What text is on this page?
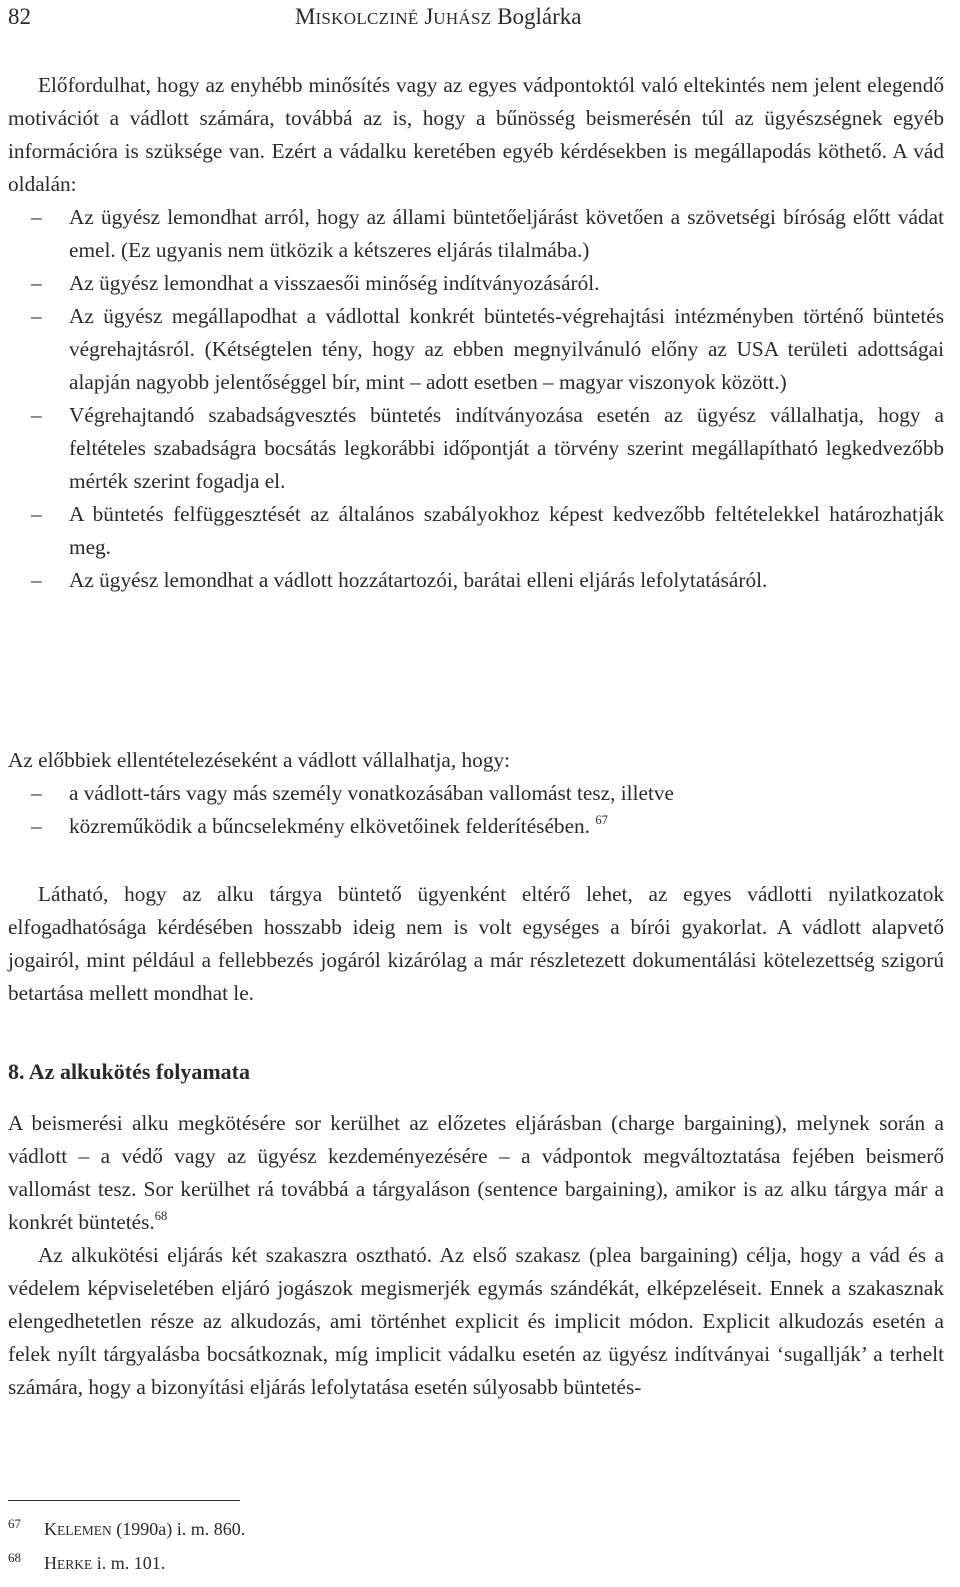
82	MISKOLCZINÉ JUHÁSZ Boglárka

Előfordulhat, hogy az enyhébb minősítés vagy az egyes vádpontoktól való eltekintés nem jelent elegendő motivációt a vádlott számára, továbbá az is, hogy a bűnösség beismerésén túl az ügyészségnek egyéb információra is szüksége van. Ezért a vádalku keretében egyéb kérdésekben is megállapodás köthető. A vád oldalán:

– Az ügyész lemondhat arról, hogy az állami büntetőeljárást követően a szövetségi bíróság előtt vádat emel. (Ez ugyanis nem ütközik a kétszeres eljárás tilalmába.)
– Az ügyész lemondhat a visszaesői minőség indítványozásáról.
– Az ügyész megállapodhat a vádlottal konkrét büntetés-végrehajtási intézményben történő büntetés végrehajtásról. (Kétségtelen tény, hogy az ebben megnyilvánuló előny az USA területi adottságai alapján nagyobb jelentőséggel bír, mint – adott esetben – magyar viszonyok között.)
– Végrehajtandó szabadságvesztés büntetés indítványozása esetén az ügyész vállalhatja, hogy a feltételes szabadságra bocsátás legkorábbi időpontját a törvény szerint megállapítható legkedvezőbb mérték szerint fogadja el.
– A büntetés felfüggesztését az általános szabályokhoz képest kedvezőbb feltételekkel határozhatják meg.
– Az ügyész lemondhat a vádlott hozzátartozói, barátai elleni eljárás lefolytatásáról.

Az előbbiek ellentételezéseként a vádlott vállalhatja, hogy:

– a vádlott-társ vagy más személy vonatkozásában vallomást tesz, illetve
– közreműködik a bűncselekmény elkövetőinek felderítésében. $^{67}$

Látható, hogy az alku tárgya büntető ügyenként eltérő lehet, az egyes vádlotti nyilatkozatok elfogadhatósága kérdésében hosszabb ideig nem is volt egységes a bírói gyakorlat. A vádlott alapvető jogairól, mint például a fellebbezés jogáról kizárólag a már részletezett dokumentálási kötelezettség szigorú betartása mellett mondhat le.

8. Az alkukötés folyamata

A beismerési alku megkötésére sor kerülhet az előzetes eljárásban (charge bargaining), melynek során a vádlott – a védő vagy az ügyész kezdeményezésére – a vádpontok megváltoztatása fejében beismerő vallomást tesz. Sor kerülhet rá továbbá a tárgyaláson (sentence bargaining), amikor is az alku tárgya már a konkrét büntetés.$^{68}$

Az alkukötési eljárás két szakaszra osztható. Az első szakasz (plea bargaining) célja, hogy a vád és a védelem képviseletében eljáró jogászok megismerjék egymás szándékát, elképzeléseit. Ennek a szakasznak elengedhetetlen része az alkudozás, ami történhet explicit és implicit módon. Explicit alkudozás esetén a felek nyílt tárgyalásba bocsátkoznak, míg implicit vádalku esetén az ügyész indítványai ‘sugallják’ a terhelt számára, hogy a bizonyítási eljárás lefolytatása esetén súlyosabb büntetés-

67 KELEMEN (1990a) i. m. 860.
68 HERKE i. m. 101.
